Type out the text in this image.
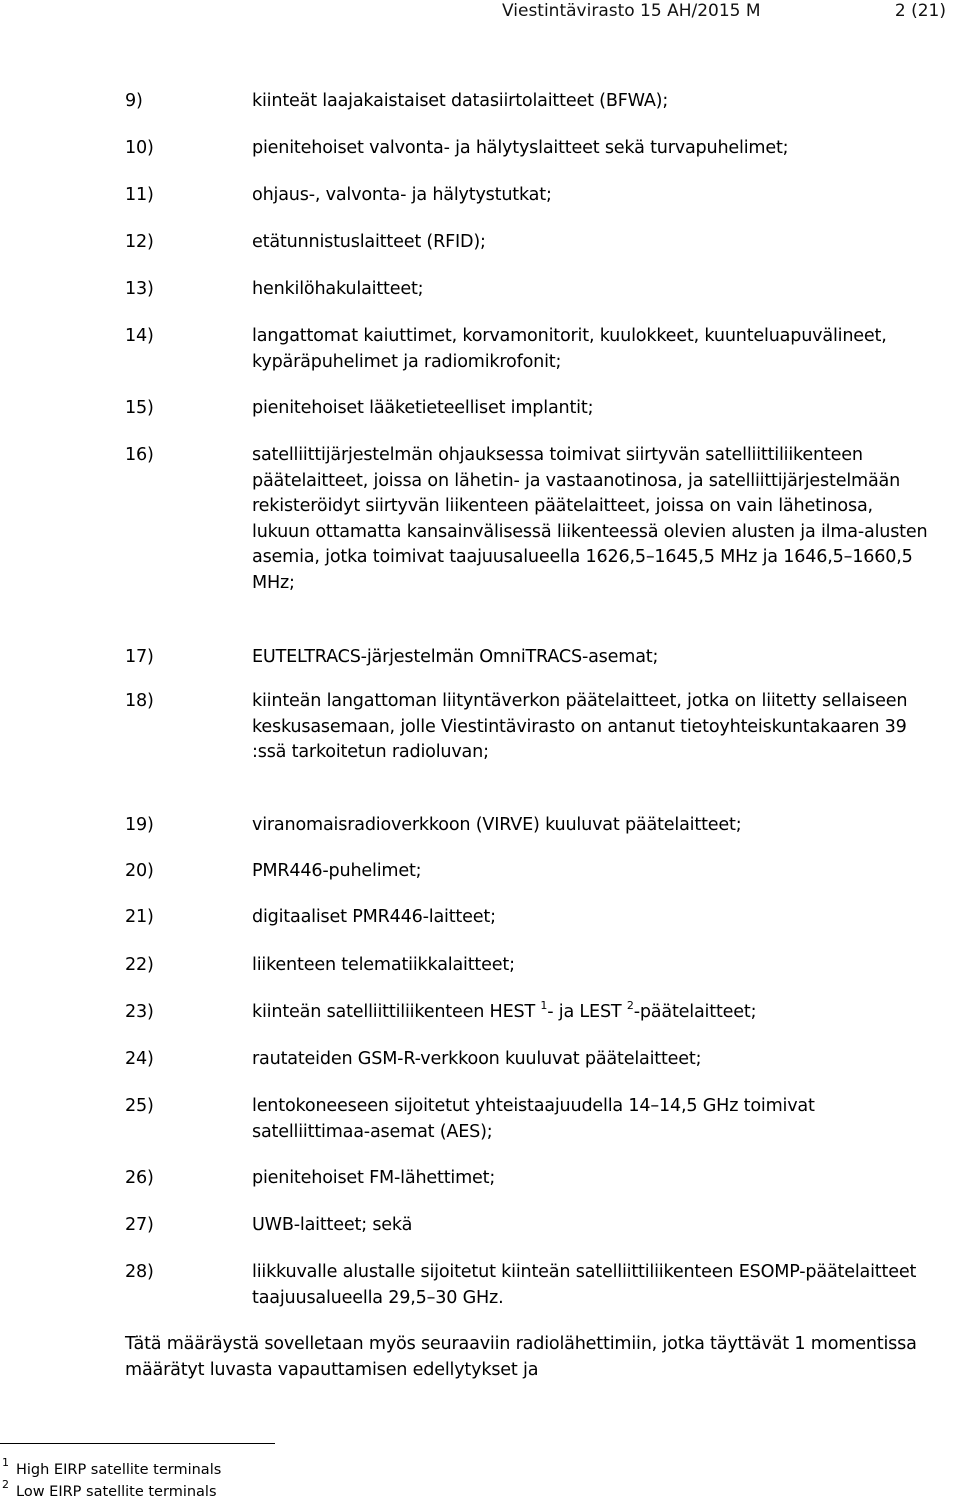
Viestintävirasto 15 AH/2015 M	2 (21)
9)	kiinteät laajakaistaiset datasiirtolaitteet (BFWA);
10)	pienitehoiset valvonta- ja hälytyslaitteet sekä turvapuhelimet;
11)	ohjaus-, valvonta- ja hälytystutkat;
12)	etätunnistuslaitteet (RFID);
13)	henkilöhakulaitteet;
14)	langattomat kaiuttimet, korvamonitorit, kuulokkeet, kuunteluapuvälineet, kypäräpuhelimet ja radiomikrofonit;
15)	pienitehoiset lääketieteelliset implantit;
16)	satelliittijärjestelmän ohjauksessa toimivat siirtyvän satelliittiliikenteen päätelaitteet, joissa on lähetin- ja vastaanotinosa, ja satelliittijärjestelmään rekisteröidyt siirtyvän liikenteen päätelaitteet, joissa on vain lähetinosa, lukuun ottamatta kansainvälisessä liikenteessä olevien alusten ja ilma-alusten asemia, jotka toimivat taajuusalueella 1626,5–1645,5 MHz ja 1646,5–1660,5 MHz;
17)	EUTELTRACS-järjestelmän OmniTRACS-asemat;
18)	kiinteän langattoman liityntäverkon päätelaitteet, jotka on liitetty sellaiseen keskusasemaan, jolle Viestintävirasto on antanut tietoyhteiskuntakaaren 39 :ssä tarkoitetun radioluvan;
19)	viranomaisradioverkkoon (VIRVE) kuuluvat päätelaitteet;
20)	PMR446-puhelimet;
21)	digitaaliset PMR446-laitteet;
22)	liikenteen telematiikkalaitteet;
23)	kiinteän satelliittiliikenteen HEST $^1$- ja LEST $^2$-päätelaitteet;
24)	rautateiden GSM-R-verkkoon kuuluvat päätelaitteet;
25)	lentokoneeseen sijoitetut yhteistaajuudella 14–14,5 GHz toimivat satelliittimaa-asemat (AES);
26)	pienitehoiset FM-lähettimet;
27)	UWB-laitteet; sekä
28)	liikkuvalle alustalle sijoitetut kiinteän satelliittiliikenteen ESOMP-päätelaitteet taajuusalueella 29,5–30 GHz.
Tätä määräystä sovelletaan myös seuraaviin radiolähettimiin, jotka täyttävät 1 momentissa määrätyt luvasta vapauttamisen edellytykset ja
1 High EIRP satellite terminals
2 Low EIRP satellite terminals
